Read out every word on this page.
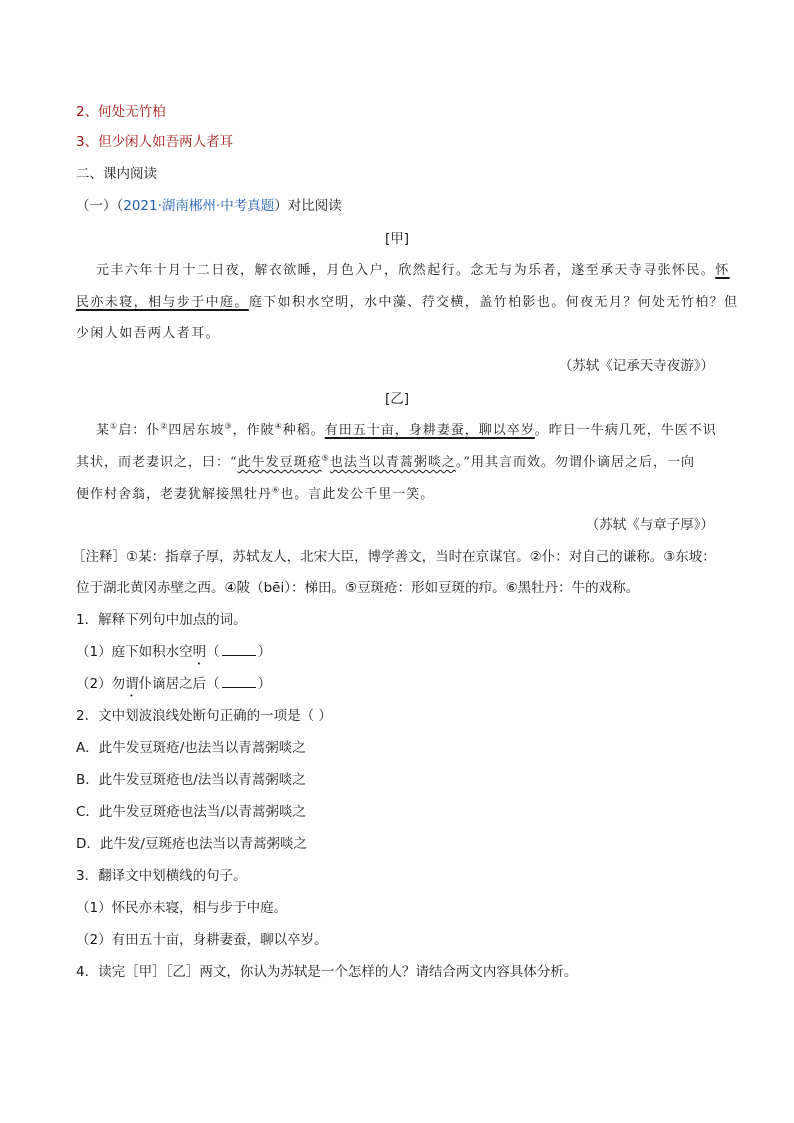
2、何处无竹柏
3、但少闲人如吾两人者耳
二、课内阅读
（一）（2021·湖南郴州·中考真题）对比阅读
[甲]
元丰六年十月十二日夜，解衣欲睡，月色入户，欣然起行。念无与为乐者，遂至承天寺寻张怀民。怀
民亦未寝，相与步于中庭。庭下如积水空明，水中藻、荇交横，盖竹柏影也。何夜无月？何处无竹柏？但
少闲人如吾两人者耳。
（苏轼《记承天寺夜游》）
[乙]
某①启：仆②四居东坡③，作陂④种稻。有田五十亩，身耕妻蚕，聊以卒岁。昨日一牛病几死，牛医不识
其状，而老妻识之，曰：“此牛发豆斑疮⑤也法当以青蒿粥啖之。”用其言而效。勿谓仆谪居之后，一向
便作村舍翁，老妻犹解接黑牡丹⑥也。言此发公千里一笑。
（苏轼《与章子厚》）
［注释］①某：指章子厚，苏轼友人，北宋大臣，博学善文，当时在京谋官。②仆：对自己的谦称。③东坡：
位于湖北黄冈赤壁之西。④陂（bēi）：梯田。⑤豆斑疮：形如豆斑的疖。⑥黑牡丹：牛的戏称。
1．解释下列句中加点的词。
（1）庭下如积水空明（	）
（2）勿谓仆谪居之后（	）
2．文中划波浪线处断句正确的一项是（ ）
A．此牛发豆斑疮/也法当以青蒿粥啖之
B．此牛发豆斑疮也/法当以青蒿粥啖之
C．此牛发豆斑疮也法当/以青蒿粥啖之
D．此牛发/豆斑疮也法当以青蒿粥啖之
3．翻译文中划横线的句子。
（1）怀民亦未寝，相与步于中庭。
（2）有田五十亩，身耕妻蚕，聊以卒岁。
4．读完［甲］［乙］两文，你认为苏轼是一个怎样的人？请结合两文内容具体分析。
